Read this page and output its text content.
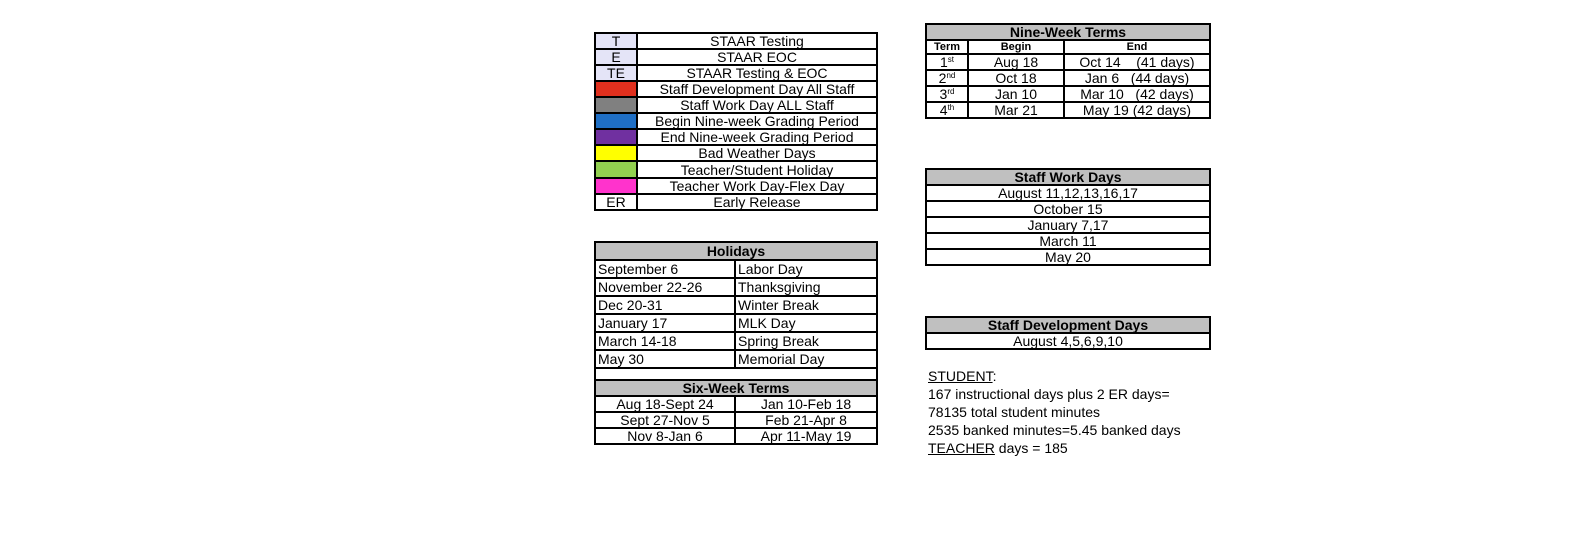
T	STAAR Testing
E	STAAR EOC
TE	STAAR Testing & EOC
	Staff Development Day All Staff
	Staff Work Day ALL Staff
	Begin Nine-week Grading Period
	End Nine-week Grading Period
	Bad Weather Days
	Teacher/Student Holiday
	Teacher Work Day-Flex Day
ER	Early Release
Holidays	
September 6	Labor Day
November 22-26	Thanksgiving
Dec 20-31	Winter Break
January 17	MLK Day
March 14-18	Spring Break
May 30	Memorial Day

Six-Week Terms	
Aug 18-Sept 24	Jan 10-Feb 18
Sept 27-Nov 5	Feb 21-Apr 8
Nov 8-Jan 6	Apr 11-May 19
Nine-Week Terms		
Term	Begin	End
1st	Aug 18	Oct 14    (41 days)
2nd	Oct 18	Jan 6   (44 days)
3rd	Jan 10	Mar 10   (42 days)
4th	Mar 21	May 19 (42 days)
Staff Work Days
August 11,12,13,16,17
October 15
January 7,17
March 11
May 20
Staff Development Days
August 4,5,6,9,10
STUDENT:
167 instructional days plus 2 ER days=
78135 total student minutes
2535 banked minutes=5.45 banked days
TEACHER days = 185
